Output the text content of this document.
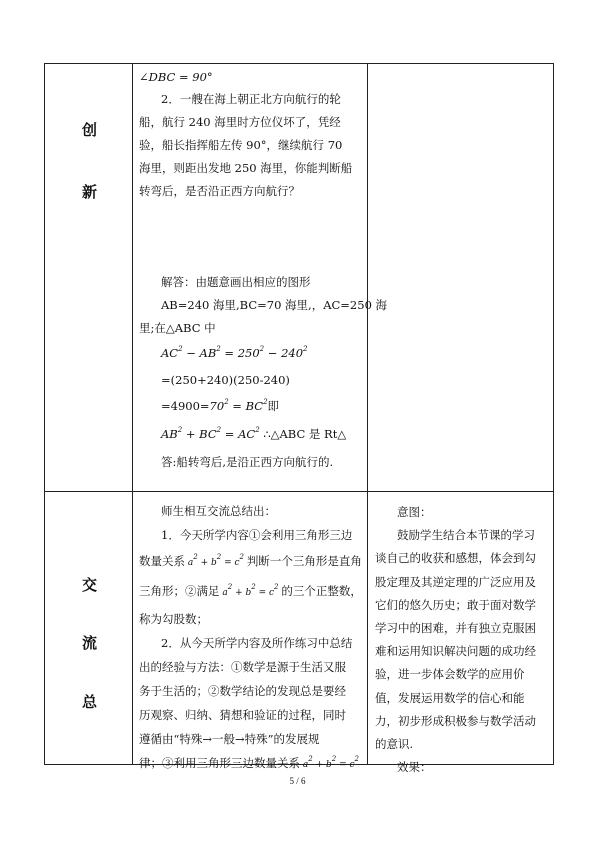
创
新
交
流
总

∠DBC = 90°

2．一艘在海上朝正北方向航行的轮

船，航行 240 海里时方位仪坏了，凭经

验，船长指挥船左传 90°，继续航行 70

海里，则距出发地 250 海里，你能判断船

转弯后，是否沿正西方向航行？

解答：由题意画出相应的图形

AB=240 海里,BC=70 海里,，AC=250 海

里;在△ABC 中

$AC^2 - AB^2 = 250^2 - 240^2$

=(250+240)(250-240)

$=4900=70^2 = BC^2$即

$AB^2 + BC^2 = AC^2$ ∴△ABC 是 Rt△

答:船转弯后,是沿正西方向航行的.

师生相互交流总结出：

1．今天所学内容①会利用三角形三边

数量关系 $a^2 + b^2 = c^2$ 判断一个三角形是直角

三角形；②满足 $a^2 + b^2 = c^2$ 的三个正整数，

称为勾股数；

2．从今天所学内容及所作练习中总结

出的经验与方法：①数学是源于生活又服

务于生活的；②数学结论的发现总是要经

历观察、归纳、猜想和验证的过程，同时

遵循由“特殊→一般→特殊”的发展规

律；③利用三角形三边数量关系 $a^2 + b^2 = c^2$

意图：

鼓励学生结合本节课的学习

谈自己的收获和感想，体会到勾

股定理及其逆定理的广泛应用及

它们的悠久历史；敢于面对数学

学习中的困难，并有独立克服困

难和运用知识解决问题的成功经

验，进一步体会数学的应用价

值，发展运用数学的信心和能

力，初步形成积极参与数学活动

的意识.

效果：

5 / 6
